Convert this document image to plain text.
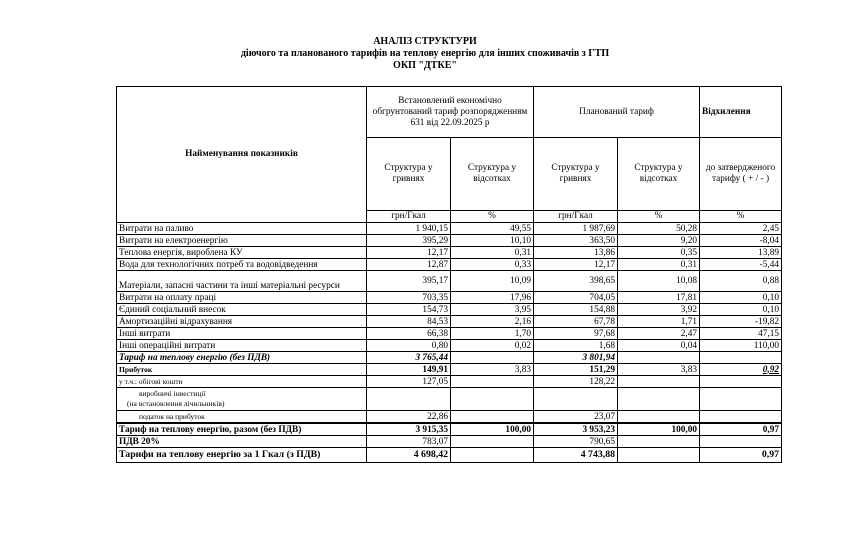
АНАЛІЗ СТРУКТУРИ
діючого та планованого тарифів на теплову енергію для інших споживачів з ГТП
ОКП "ДТКЕ"
Найменування показників	Встановлений економічно обгрунтований тариф розпорядженням 631 від 22.09.2025 р		Планований тариф		Відхилення
	Структура у гривнях	Структура у відсотках	Структура у гривнях	Структура у відсотках	до затвердженого тарифу ( + / - )
	грн/Гкал	%	грн/Гкал	%	%
Витрати на паливо	1 940,15	49,55	1 987,69	50,28	2,45
Витрати на електроенергію	395,29	10,10	363,50	9,20	-8,04
Теплова енергія, вироблена КУ	12,17	0,31	13,86	0,35	13,89
Вода для технологічних потреб та водовідведення	12,87	0,33	12,17	0,31	-5,44
Матеріали, запасні частини та інші матеріальні ресурси	395,17	10,09	398,65	10,08	0,88
Витрати на оплату праці	703,35	17,96	704,05	17,81	0,10
Єдиний соціальний внесок	154,73	3,95	154,88	3,92	0,10
Амортизаційні відрахування	84,53	2,16	67,78	1,71	-19,82
Інші витрати	66,38	1,70	97,68	2,47	47,15
Інші операційні витрати	0,80	0,02	1,68	0,04	110,00
Тариф на теплову енергію (без ПДВ)	3 765,44		3 801,94		
Прибуток	149,91	3,83	151,29	3,83	0,92
у т.ч.: обігові кошти	127,05		128,22		

виробничі інвестиції
(на встановлення лічильників)					

податок на прибуток	22,86		23,07		
Тариф на теплову енергію, разом (без ПДВ)	3 915,35	100,00	3 953,23	100,00	0,97
ПДВ 20%	783,07		790,65		
Тарифи на теплову енергію за 1 Гкал (з ПДВ)	4 698,42		4 743,88		0,97
